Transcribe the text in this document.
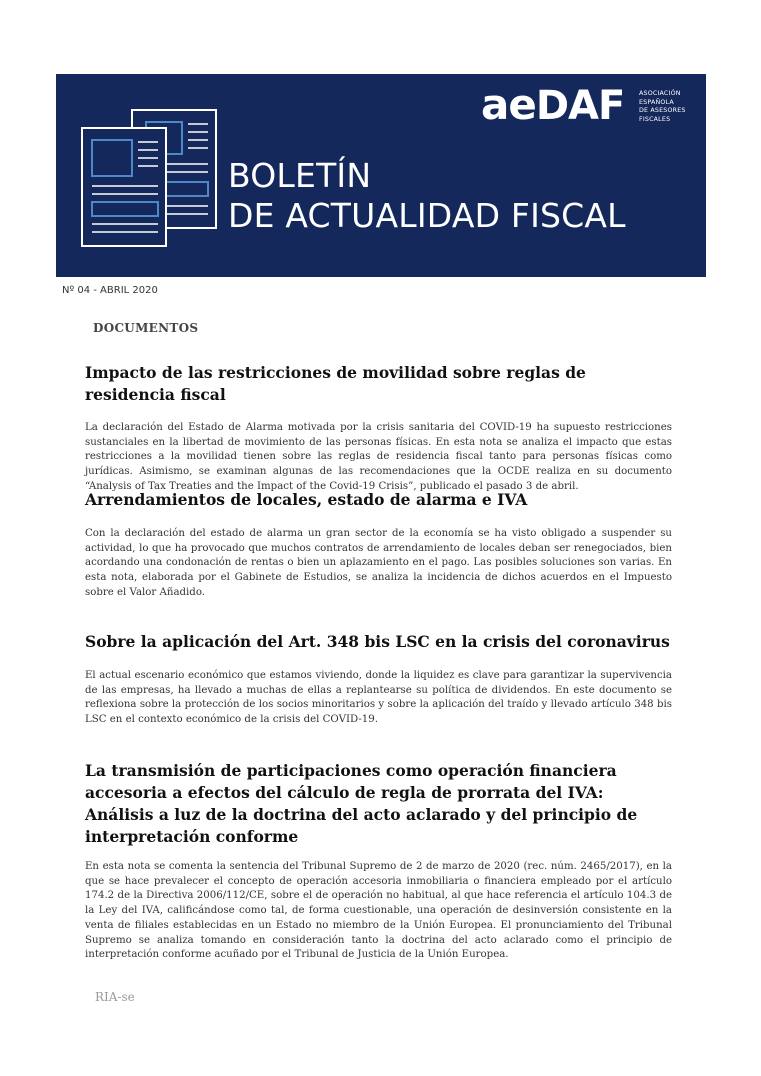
BOLETÍN
DE ACTUALIDAD FISCAL
aeDAF ASOCIACIÓN
ESPAÑOLA
DE ASESORES
FISCALES
Nº 04 - ABRIL 2020
DOCUMENTOS
Impacto de las restricciones de movilidad sobre reglas de residencia fiscal

La declaración del Estado de Alarma motivada por la crisis sanitaria del COVID-19 ha supuesto restricciones sustanciales en la libertad de movimiento de las personas físicas. En esta nota se analiza el impacto que estas restricciones a la movilidad tienen sobre las reglas de residencia fiscal tanto para personas físicas como jurídicas. Asimismo, se examinan algunas de las recomendaciones que la OCDE realiza en su documento “Analysis of Tax Treaties and the Impact of the Covid-19 Crisis”, publicado el pasado 3 de abril.

Arrendamientos de locales, estado de alarma e IVA

Con la declaración del estado de alarma un gran sector de la economía se ha visto obligado a suspender su actividad, lo que ha provocado que muchos contratos de arrendamiento de locales deban ser renegociados, bien acordando una condonación de rentas o bien un aplazamiento en el pago. Las posibles soluciones son varias. En esta nota, elaborada por el Gabinete de Estudios, se analiza la incidencia de dichos acuerdos en el Impuesto sobre el Valor Añadido.

Sobre la aplicación del Art. 348 bis LSC en la crisis del coronavirus

El actual escenario económico que estamos viviendo, donde la liquidez es clave para garantizar la supervivencia de las empresas, ha llevado a muchas de ellas a replantearse su política de dividendos. En este documento se reflexiona sobre la protección de los socios minoritarios y sobre la aplicación del traído y llevado artículo 348 bis LSC en el contexto económico de la crisis del COVID-19.

La transmisión de participaciones como operación financiera accesoria a efectos del cálculo de regla de prorrata del IVA: Análisis a luz de la doctrina del acto aclarado y del principio de interpretación conforme

En esta nota se comenta la sentencia del Tribunal Supremo de 2 de marzo de 2020 (rec. núm. 2465/2017), en la que se hace prevalecer el concepto de operación accesoria inmobiliaria o financiera empleado por el artículo 174.2 de la Directiva 2006/112/CE, sobre el de operación no habitual, al que hace referencia el artículo 104.3 de la Ley del IVA, calificándose como tal, de forma cuestionable, una operación de desinversión consistente en la venta de filiales establecidas en un Estado no miembro de la Unión Europea. El pronunciamiento del Tribunal Supremo se analiza tomando en consideración tanto la doctrina del acto aclarado como el principio de interpretación conforme acuñado por el Tribunal de Justicia de la Unión Europea.

RIA-se
